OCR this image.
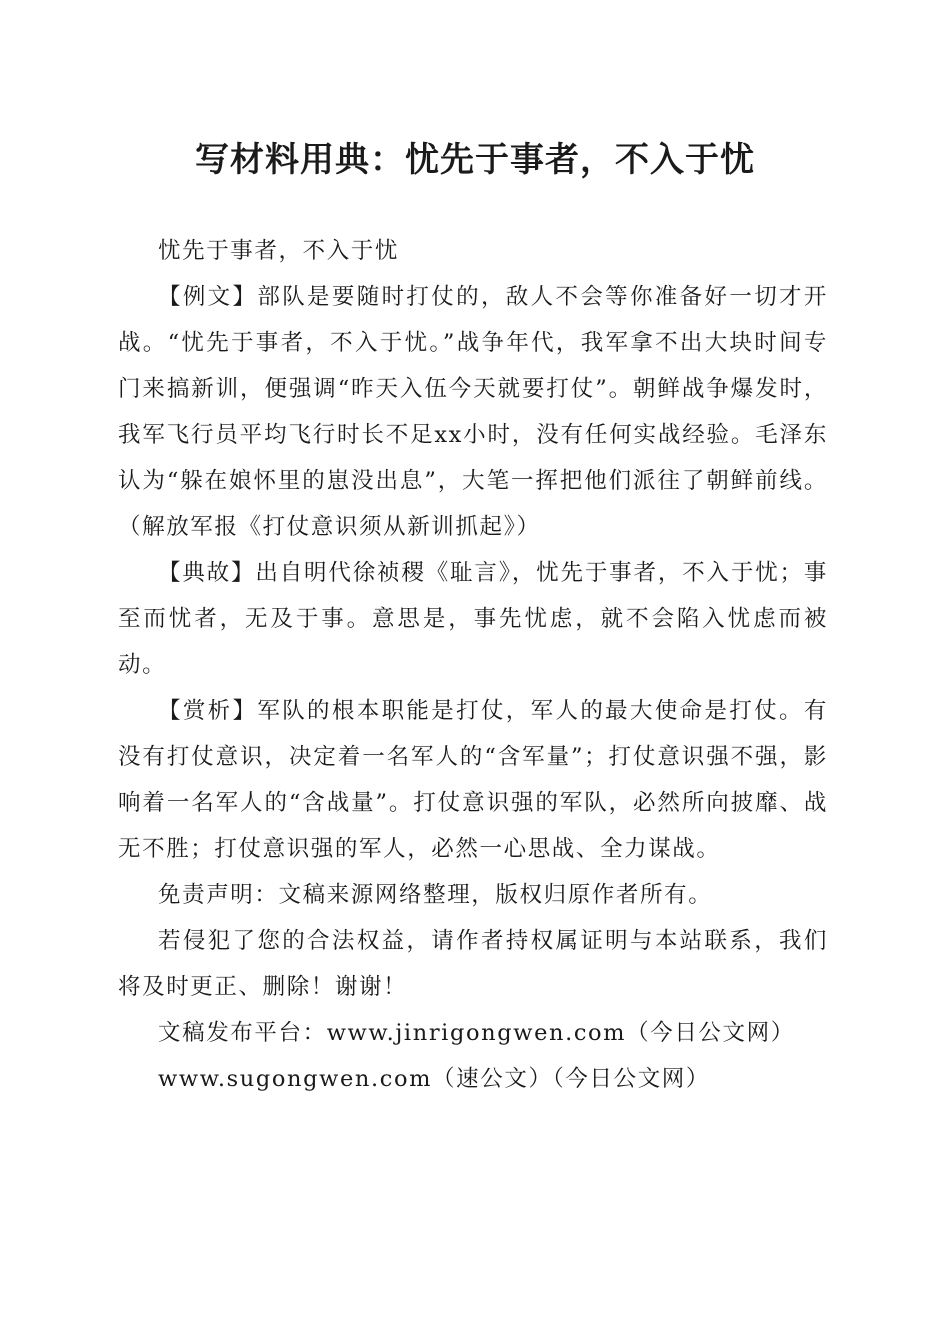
写材料用典：忧先于事者，不入于忧

忧先于事者，不入于忧

【例文】部队是要随时打仗的，敌人不会等你准备好一切才开战。“忧先于事者，不入于忧。”战争年代，我军拿不出大块时间专门来搞新训，便强调“昨天入伍今天就要打仗”。朝鲜战争爆发时，我军飞行员平均飞行时长不足xx小时，没有任何实战经验。毛泽东认为“躲在娘怀里的崽没出息”，大笔一挥把他们派往了朝鲜前线。（解放军报《打仗意识须从新训抓起》）

【典故】出自明代徐祯稷《耻言》，忧先于事者，不入于忧；事至而忧者，无及于事。意思是，事先忧虑，就不会陷入忧虑而被动。

【赏析】军队的根本职能是打仗，军人的最大使命是打仗。有没有打仗意识，决定着一名军人的“含军量”；打仗意识强不强，影响着一名军人的“含战量”。打仗意识强的军队，必然所向披靡、战无不胜；打仗意识强的军人，必然一心思战、全力谋战。

免责声明：文稿来源网络整理，版权归原作者所有。

若侵犯了您的合法权益，请作者持权属证明与本站联系，我们将及时更正、删除！谢谢！

文稿发布平台：www.jinrigongwen.com（今日公文网）

www.sugongwen.com（速公文）（今日公文网）
